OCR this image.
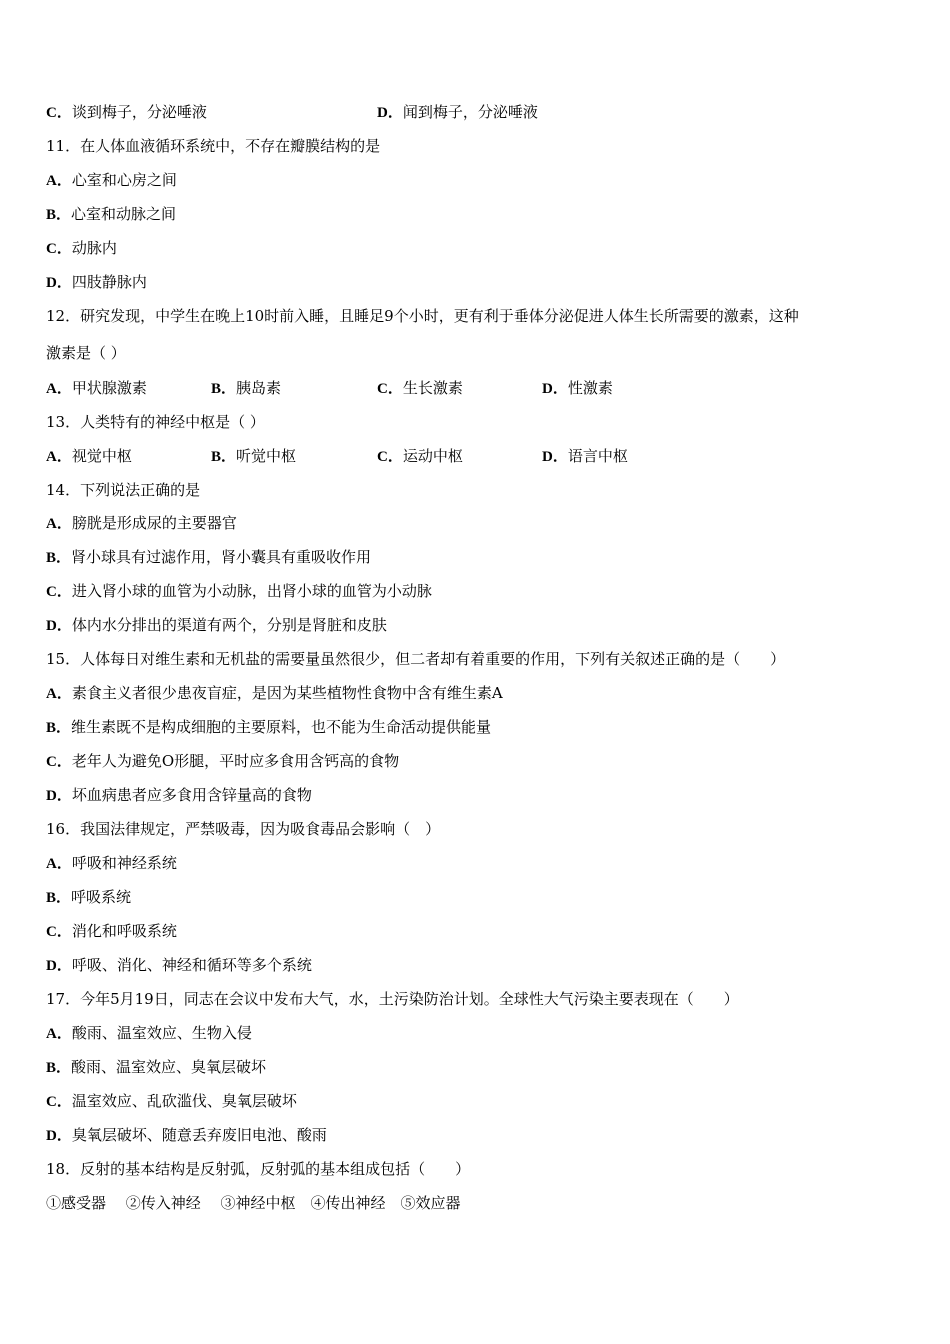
C．谈到梅子，分泌唾液	D．闻到梅子，分泌唾液
11．在人体血液循环系统中，不存在瓣膜结构的是
A．心室和心房之间
B．心室和动脉之间
C．动脉内
D．四肢静脉内
12．研究发现，中学生在晚上10时前入睡，且睡足9个小时，更有利于垂体分泌促进人体生长所需要的激素，这种
激素是（ ）
A．甲状腺激素	B．胰岛素	C．生长激素	D．性激素
13．人类特有的神经中枢是（ ）
A．视觉中枢	B．听觉中枢	C．运动中枢	D．语言中枢
14．下列说法正确的是
A．膀胱是形成尿的主要器官
B．肾小球具有过滤作用，肾小囊具有重吸收作用
C．进入肾小球的血管为小动脉，出肾小球的血管为小动脉
D．体内水分排出的渠道有两个，分别是肾脏和皮肤
15．人体每日对维生素和无机盐的需要量虽然很少，但二者却有着重要的作用，下列有关叙述正确的是（　　）
A．素食主义者很少患夜盲症，是因为某些植物性食物中含有维生素A
B．维生素既不是构成细胞的主要原料，也不能为生命活动提供能量
C．老年人为避免O形腿，平时应多食用含钙高的食物
D．坏血病患者应多食用含锌量高的食物
16．我国法律规定，严禁吸毒，因为吸食毒品会影响（　）
A．呼吸和神经系统
B．呼吸系统
C．消化和呼吸系统
D．呼吸、消化、神经和循环等多个系统
17．今年5月19日，同志在会议中发布大气，水，土污染防治计划。全球性大气污染主要表现在（　　）
A．酸雨、温室效应、生物入侵
B．酸雨、温室效应、臭氧层破坏
C．温室效应、乱砍滥伐、臭氧层破坏
D．臭氧层破坏、随意丢弃废旧电池、酸雨
18．反射的基本结构是反射弧，反射弧的基本组成包括（　　）
①感受器　 ②传入神经　 ③神经中枢　④传出神经　⑤效应器
